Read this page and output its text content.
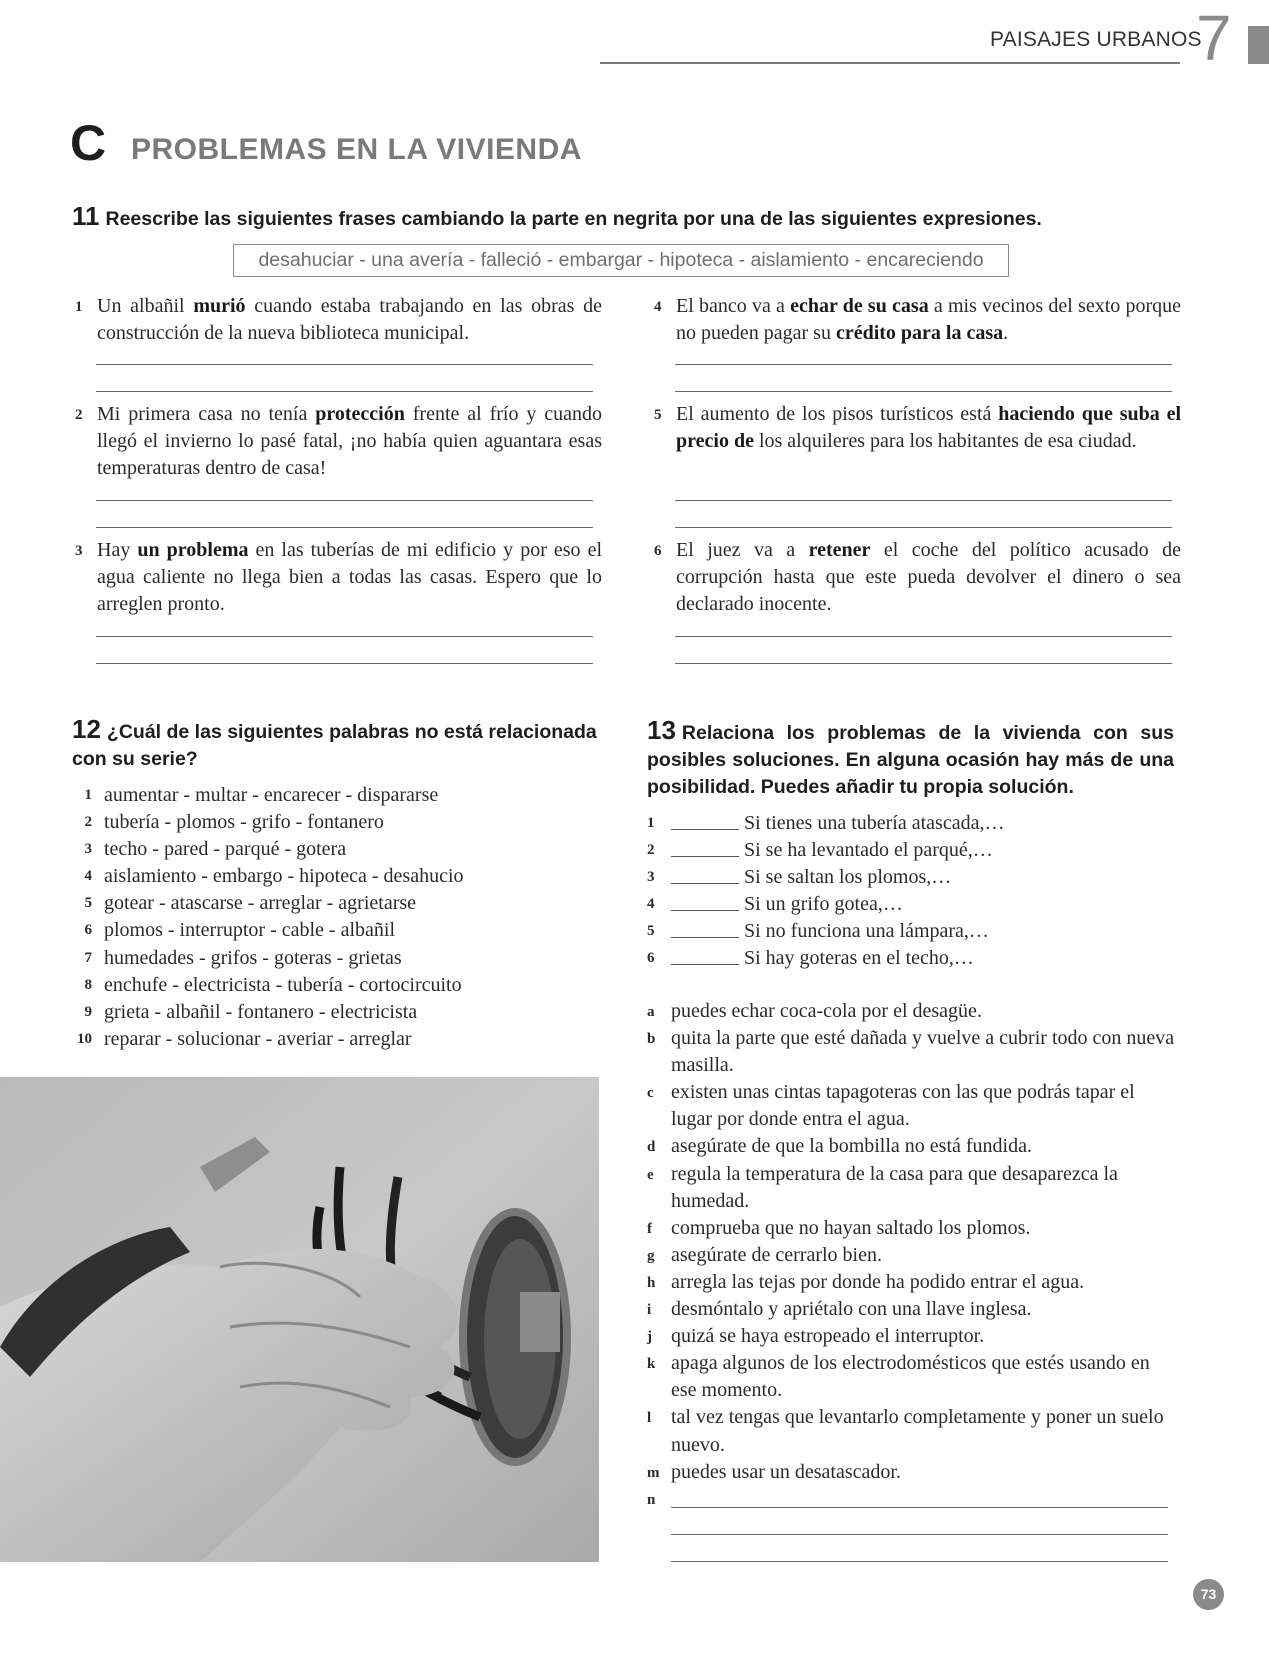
PAISAJES URBANOS
7
C PROBLEMAS EN LA VIVIENDA
11 Reescribe las siguientes frases cambiando la parte en negrita por una de las siguientes expresiones.
desahuciar - una avería - falleció - embargar - hipoteca - aislamiento - encareciendo
1 Un albañil murió cuando estaba trabajando en las obras de construcción de la nueva biblioteca municipal.
2 Mi primera casa no tenía protección frente al frío y cuando llegó el invierno lo pasé fatal, ¡no había quien aguantara esas temperaturas dentro de casa!
3 Hay un problema en las tuberías de mi edificio y por eso el agua caliente no llega bien a todas las casas. Espero que lo arreglen pronto.
4 El banco va a echar de su casa a mis vecinos del sexto porque no pueden pagar su crédito para la casa.
5 El aumento de los pisos turísticos está haciendo que suba el precio de los alquileres para los habitantes de esa ciudad.
6 El juez va a retener el coche del político acusado de corrupción hasta que este pueda devolver el dinero o sea declarado inocente.
12 ¿Cuál de las siguientes palabras no está relacionada con su serie?
1 aumentar - multar - encarecer - dispararse
2 tubería - plomos - grifo - fontanero
3 techo - pared - parqué - gotera
4 aislamiento - embargo - hipoteca - desahucio
5 gotear - atascarse - arreglar - agrietarse
6 plomos - interruptor - cable - albañil
7 humedades - grifos - goteras - grietas
8 enchufe - electricista - tubería - cortocircuito
9 grieta - albañil - fontanero - electricista
10 reparar - solucionar - averiar - arreglar
13 Relaciona los problemas de la vivienda con sus posibles soluciones. En alguna ocasión hay más de una posibilidad. Puedes añadir tu propia solución.
1	Si tienes una tubería atascada,…
2	Si se ha levantado el parqué,…
3	Si se saltan los plomos,…
4	Si un grifo gotea,…
5	Si no funciona una lámpara,…
6	Si hay goteras en el techo,…
a puedes echar coca-cola por el desagüe.
b quita la parte que esté dañada y vuelve a cubrir todo con nueva masilla.
c existen unas cintas tapagoteras con las que podrás tapar el lugar por donde entra el agua.
d asegúrate de que la bombilla no está fundida.
e regula la temperatura de la casa para que desaparezca la humedad.
f comprueba que no hayan saltado los plomos.
g asegúrate de cerrarlo bien.
h arregla las tejas por donde ha podido entrar el agua.
i desmóntalo y apriétalo con una llave inglesa.
j quizá se haya estropeado el interruptor.
k apaga algunos de los electrodomésticos que estés usando en ese momento.
l tal vez tengas que levantarlo completamente y poner un suelo nuevo.
m puedes usar un desatascador.
n
73
